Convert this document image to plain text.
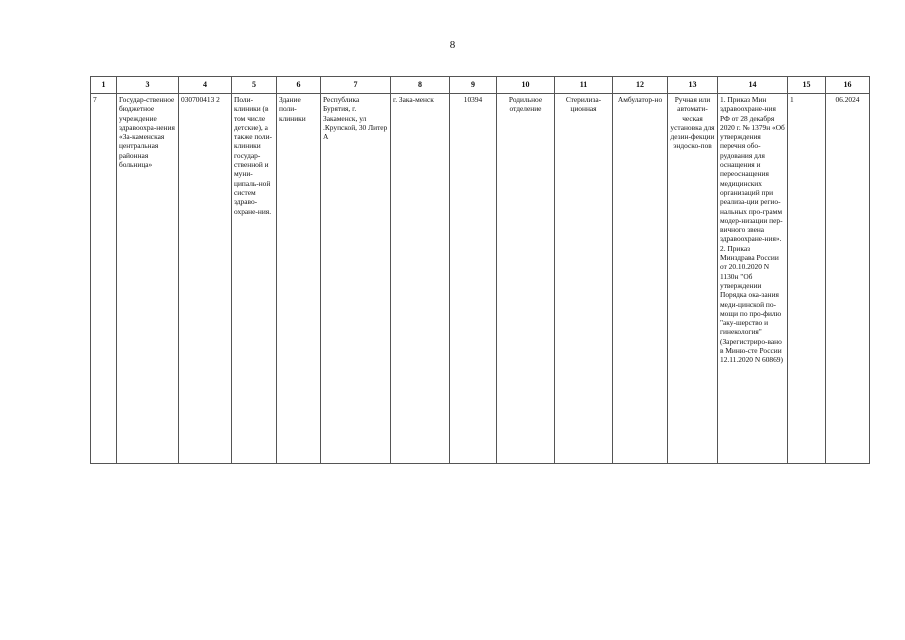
8
1	3	4	5	6	7	8	9	10	11	12	13	14	15	16
7	Государ-ственное бюджетное учреждение здравоохра-нения «За-каменская центральная районная больница»	030700413 2	Поли-клиники (в том числе детские), а также поли-клиники государ-ственной и муни-ципаль-ной систем здраво-охране-ния.	Здание поли-клиники	Республика Бурятия, г. Закаменск, ул .Крупской, 30 Литер А	г. Зака-менск	10394	Родильное отделение	Стерилиза-ционная	Амбулатор-но	Ручная или автомати-ческая установка для дезин-фекции эндоско-пов	1. Приказ Мин здравоохране-ния РФ от 28 декабря 2020 г. № 1379н «Об утверждения перечня обо-рудования для оснащения и переоснащения медицинских организаций при реализа-ции регио-нальных про-грамм модер-низации пер-вичного звена здравоохране-ния». 2. Приказ Минздрава России от 20.10.2020 N 1130н "Об утверждении Порядка ока-зания меди-цинской по-мощи по про-филю "аку-шерство и гинекология" (Зарегистриро-вано в Миню-сте России 12.11.2020 N 60869)	1	06.2024
